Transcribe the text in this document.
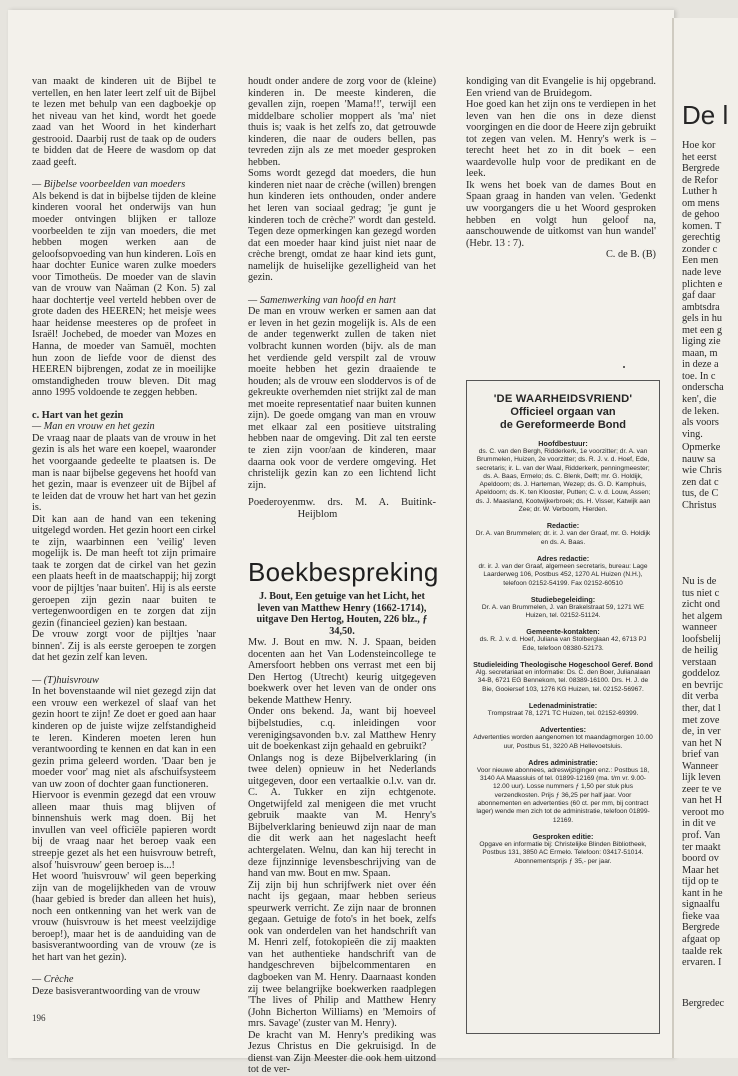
van maakt de kinderen uit de Bijbel te vertellen, en hen later leert zelf uit de Bijbel te lezen met behulp van een dagboekje op het niveau van het kind, wordt het goede zaad van het Woord in het kinderhart gestrooid. Daarbij rust de taak op de ouders te bidden dat de Heere de wasdom op dat zaad geeft.

— Bijbelse voorbeelden van moeders

Als bekend is dat in bijbelse tijden de kleine kinderen vooral het onderwijs van hun moeder ontvingen blijken er talloze voorbeelden te zijn van moeders, die met hebben mogen werken aan de geloofsopvoeding van hun kinderen. Loïs en haar dochter Eunice waren zulke moeders voor Timotheüs. De moeder van de slavin van de vrouw van Naäman (2 Kon. 5) zal haar dochtertje veel verteld hebben over de grote daden des HEEREN; het meisje wees haar heidense meesteres op de profeet in Israël! Jochebed, de moeder van Mozes en Hanna, de moeder van Samuël, mochten hun zoon de liefde voor de dienst des HEEREN bijbrengen, zodat ze in moeilijke omstandigheden trouw bleven. Dit mag anno 1995 voldoende te zeggen hebben.

c. Hart van het gezin

— Man en vrouw en het gezin

De vraag naar de plaats van de vrouw in het gezin is als het ware een koepel, waaronder het voorgaande gedeelte te plaatsen is. De man is naar bijbelse gegevens het hoofd van het gezin, maar is evenzeer uit de Bijbel af te leiden dat de vrouw het hart van het gezin is.

Dit kan aan de hand van een tekening uitgelegd worden. Het gezin hoort een cirkel te zijn, waarbinnen een 'veilig' leven mogelijk is. De man heeft tot zijn primaire taak te zorgen dat de cirkel van het gezin een plaats heeft in de maatschappij; hij zorgt voor de pijltjes 'naar buiten'. Hij is als eerste geroepen zijn gezin naar buiten te vertegenwoordigen en te zorgen dat zijn gezin (financieel gezien) kan bestaan.

De vrouw zorgt voor de pijltjes 'naar binnen'. Zij is als eerste geroepen te zorgen dat het gezin zelf kan leven.

— (T)huisvrouw

In het bovenstaande wil niet gezegd zijn dat een vrouw een werkezel of slaaf van het gezin hoort te zijn! Ze doet er goed aan haar kinderen op de juiste wijze zelfstandigheid te leren. Kinderen moeten leren hun verantwoording te kennen en dat kan in een gezin prima geleerd worden. 'Daar ben je moeder voor' mag niet als afschuifsysteem van uw zoon of dochter gaan functioneren.

Hiervoor is evenmin gezegd dat een vrouw alleen maar thuis mag blijven of binnenshuis werk mag doen. Bij het invullen van veel officiële papieren wordt bij de vraag naar het beroep vaak een streepje gezet als het een huisvrouw betreft, alsof 'huisvrouw' geen beroep is...!

Het woord 'huisvrouw' wil geen beperking zijn van de mogelijkheden van de vrouw (haar gebied is breder dan alleen het huis), noch een ontkenning van het werk van de vrouw (huisvrouw is het meest veelzijdige beroep!), maar het is de aanduiding van de basisverantwoording van de vrouw (ze is het hart van het gezin).

— Crèche

Deze basisverantwoording van de vrouw

houdt onder andere de zorg voor de (kleine) kinderen in. De meeste kinderen, die gevallen zijn, roepen 'Mama!!', terwijl een middelbare scholier moppert als 'ma' niet thuis is; vaak is het zelfs zo, dat getrouwde kinderen, die naar de ouders bellen, pas tevreden zijn als ze met moeder gesproken hebben.

Soms wordt gezegd dat moeders, die hun kinderen niet naar de crèche (willen) brengen hun kinderen iets onthouden, onder andere het leren van sociaal gedrag; 'je gunt je kinderen toch de crèche?' wordt dan gesteld. Tegen deze opmerkingen kan gezegd worden dat een moeder haar kind juist niet naar de crèche brengt, omdat ze haar kind iets gunt, namelijk de huiselijke gezelligheid van het gezin.

— Samenwerking van hoofd en hart

De man en vrouw werken er samen aan dat er leven in het gezin mogelijk is. Als de een de ander tegenwerkt zullen de taken niet volbracht kunnen worden (bijv. als de man het verdiende geld verspilt zal de vrouw moeite hebben het gezin draaiende te houden; als de vrouw een sloddervos is of de gekreukte overhemden niet strijkt zal de man met moeite representatief naar buiten kunnen zijn). De goede omgang van man en vrouw met elkaar zal een positieve uitstraling hebben naar de omgeving. Dit zal ten eerste te zien zijn voor/aan de kinderen, maar daarna ook voor de verdere omgeving. Het christelijk gezin kan zo een lichtend licht zijn.

Poederoyen mw. drs. M. A. Buitink-Heijblom
Boekbespreking

J. Bout, Een getuige van het Licht, het leven van Matthew Henry (1662-1714), uitgave Den Hertog, Houten, 226 blz., ƒ 34,50.

Mw. J. Bout en mw. N. J. Spaan, beiden docenten aan het Van Lodensteincollege te Amersfoort hebben ons verrast met een bij Den Hertog (Utrecht) keurig uitgegeven boekwerk over het leven van de onder ons bekende Matthew Henry.

Onder ons bekend. Ja, want bij hoeveel bijbelstudies, c.q. inleidingen voor verenigingsavonden b.v. zal Matthew Henry uit de boekenkast zijn gehaald en gebruikt?

Onlangs nog is deze Bijbelverklaring (in twee delen) opnieuw in het Nederlands uitgegeven, door een vertaalkie o.l.v. van dr. C. A. Tukker en zijn echtgenote. Ongetwijfeld zal menigeen die met vrucht gebruik maakte van M. Henry's Bijbelverklaring benieuwd zijn naar de man die dit werk aan het nageslacht heeft achtergelaten. Welnu, dan kan hij terecht in deze fijnzinnige levensbeschrijving van de hand van mw. Bout en mw. Spaan.

Zij zijn bij hun schrijfwerk niet over één nacht ijs gegaan, maar hebben serieus speurwerk verricht. Ze zijn naar de bronnen gegaan. Getuige de foto's in het boek, zelfs ook van onderdelen van het handschrift van M. Henri zelf, fotokopieën die zij maakten van het authentieke handschrift van de handgeschreven bijbelcommentaren en dagboeken van M. Henry. Daarnaast konden zij twee belangrijke boekwerken raadplegen 'The lives of Philip and Matthew Henry (John Bicherton Williams) en 'Memoirs of mrs. Savage' (zuster van M. Henry).

De kracht van M. Henry's prediking was Jezus Christus en Die gekruisigd. In de dienst van Zijn Meester die ook hem uitzond tot de ver-

kondiging van dit Evangelie is hij opgebrand. Een vriend van de Bruidegom.

Hoe goed kan het zijn ons te verdiepen in het leven van hen die ons in deze dienst voorgingen en die door de Heere zijn gebruikt tot zegen van velen. M. Henry's werk is – terecht heet het zo in dit boek – een waardevolle hulp voor de predikant en de leek.

Ik wens het boek van de dames Bout en Spaan graag in handen van velen. 'Gedenkt uw voorgangers die u het Woord gesproken hebben en volgt hun geloof na, aanschouwende de uitkomst van hun wandel' (Hebr. 13 : 7).

C. de B. (B)

'DE WAARHEIDSVRIEND'
Officieel orgaan van
de Gereformeerde Bond
Hoofdbestuur:
ds. C. van den Bergh, Ridderkerk, 1e voorzitter; dr. A. van Brummelen, Huizen, 2e voorzitter; ds. R. J. v. d. Hoef, Ede, secretaris; ir. L. van der Waal, Ridderkerk, penningmeester; ds. A. Baas, Ermelo; ds. C. Blenk, Delft; mr. G. Holdijk, Apeldoorn; ds. J. Harteman, Wezep; ds. G. D. Kamphuis, Apeldoorn; ds. K. ten Klooster, Putten; C. v. d. Louw, Assen; ds. J. Maasland, Kootwijkerbroek; ds. H. Visser, Katwijk aan Zee; dr. W. Verboom, Hierden.
Redactie:
Dr. A. van Brummelen; dr. ir. J. van der Graaf, mr. G. Holdijk en ds. A. Baas.
Adres redactie:
dr. ir. J. van der Graaf, algemeen secretaris, bureau: Lage Laarderweg 106, Postbus 452, 1270 AL Huizen (N.H.), telefoon 02152-54199. Fax 02152-60510
Studiebegeleiding:
Dr. A. van Brummelen, J. van Brakelstraat 59, 1271 WE Huizen, tel. 02152-51124.
Gemeente-kontakten:
ds. R. J. v. d. Hoef, Juliana van Stolberglaan 42, 6713 PJ Ede, telefoon 08380-52173.
Studieleiding Theologische Hogeschool Geref. Bond
Alg. secretariaat en informatie: Ds. C. den Boer, Julianalaan 34-B, 6721 EG Bennekom, tel. 08389-16100. Drs. H. J. de Bie, Gooiersef 103, 1276 KG Huizen, tel. 02152-56967.
Ledenadministratie:
Trompstraat 78, 1271 TC Huizen, tel. 02152-69399.
Advertenties:
Advertenties worden aangenomen tot maandagmorgen 10.00 uur, Postbus 51, 3220 AB Hellevoetsluis.
Adres administratie:
Voor nieuwe abonnees, adreswijzigingen enz.: Postbus 18, 3140 AA Maassluis of tel. 01899-12169 (ma. t/m vr. 9.00-12.00 uur). Losse nummers ƒ 1,50 per stuk plus verzendkosten. Prijs ƒ 36,25 per half jaar. Voor abonnementen en advertenties (60 ct. per mm, bij contract lager) wende men zich tot de administratie, telefoon 01899-12169.
Gesproken editie:
Opgave en informatie bij: Christelijke Blinden Bibliotheek, Postbus 131, 3850 AC Ermelo. Telefoon: 03417-51014. Abonnementsprijs ƒ 35,- per jaar.
196
De l
Hoe kor
het eerst
Bergrede
de Refor
Luther h
om mens
de gehoo
komen. T
gerechtig
zonder c
Een men
nade leve
plichten e
gaf daar
ambtsdra
gels in hu
met een g
liging zie
maan, m
in deze a
toe. In c
onderscha
ken', die
de leken.
als voors
ving.
Opmerke
nauw sa
wie Chris
zen dat c
tus, de C
Christus
Nu is de
tus niet c
zicht ond
het algem
wanneer
loofsbelij
de heilig
verstaan
goddeloz
en bevrijc
dit verba
ther, dat l
met zove
de, in ver
van het N
brief van
Wanneer
lijk leven
zeer te ve
van het H
veroot mo
in dit ve
prof. Van
ter maakt
boord ov
Maar het
tijd op te
kant in he
signaalfu
fieke vaa
Bergrede
afgaat op
taalde rek
ervaren. I
Bergredec
